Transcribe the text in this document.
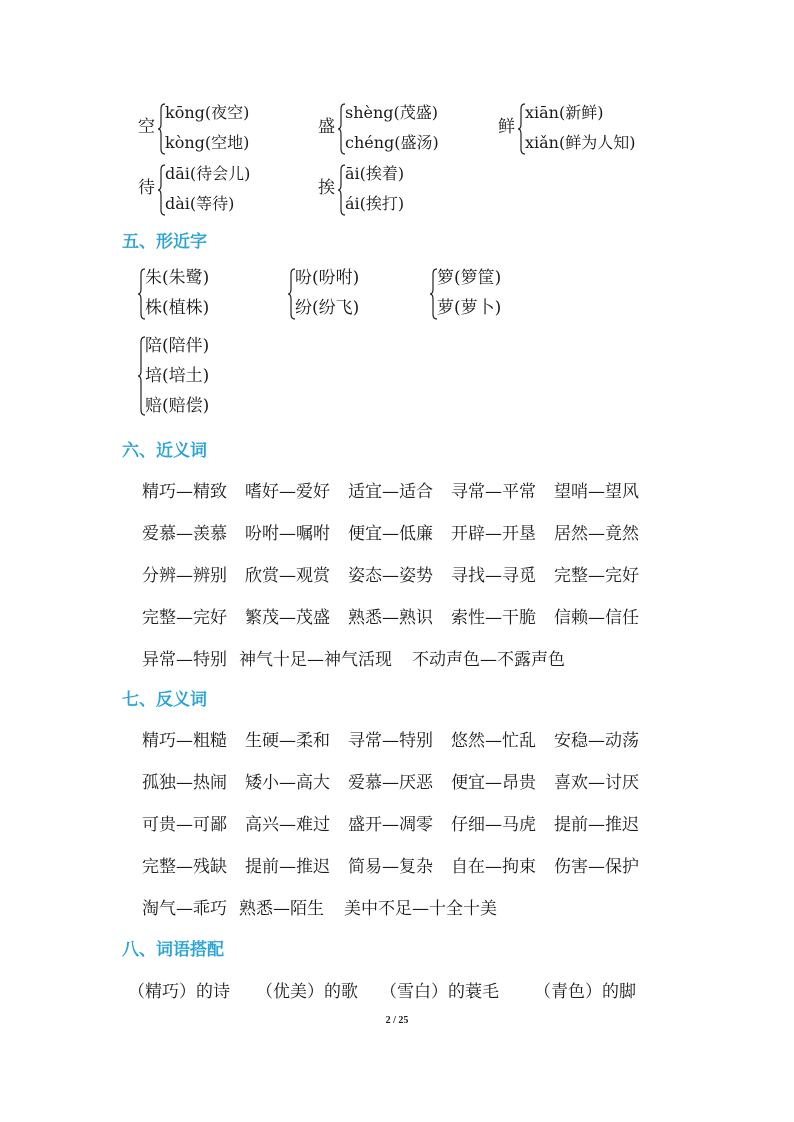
空
kōng(夜空)
kòng(空地)
盛
shèng(茂盛)
chéng(盛汤)
鲜
xiān(新鲜)
xiǎn(鲜为人知)
待
dāi(待会儿)
dài(等待)
挨
āi(挨着)
ái(挨打)
五、形近字
朱(朱鹭)
株(植株)
吩(吩咐)
纷(纷飞)
箩(箩筐)
萝(萝卜)
陪(陪伴)
培(培土)
赔(赔偿)
六、近义词
精巧—精致 嗜好—爱好 适宜—适合 寻常—平常 望哨—望风
爱慕—羡慕 吩咐—嘱咐 便宜—低廉 开辟—开垦 居然—竟然
分辨—辨别 欣赏—观赏 姿态—姿势 寻找—寻觅 完整—完好
完整—完好 繁茂—茂盛 熟悉—熟识 索性—干脆 信赖—信任
异常—特别 神气十足—神气活现 不动声色—不露声色
七、反义词
精巧—粗糙 生硬—柔和 寻常—特别 悠然—忙乱 安稳—动荡
孤独—热闹 矮小—高大 爱慕—厌恶 便宜—昂贵 喜欢—讨厌
可贵—可鄙 高兴—难过 盛开—凋零 仔细—马虎 提前—推迟
完整—残缺 提前—推迟 简易—复杂 自在—拘束 伤害—保护
淘气—乖巧 熟悉—陌生 美中不足—十全十美
八、词语搭配
（精巧）的诗 （优美）的歌 （雪白）的蓑毛 （青色）的脚
2 / 25
